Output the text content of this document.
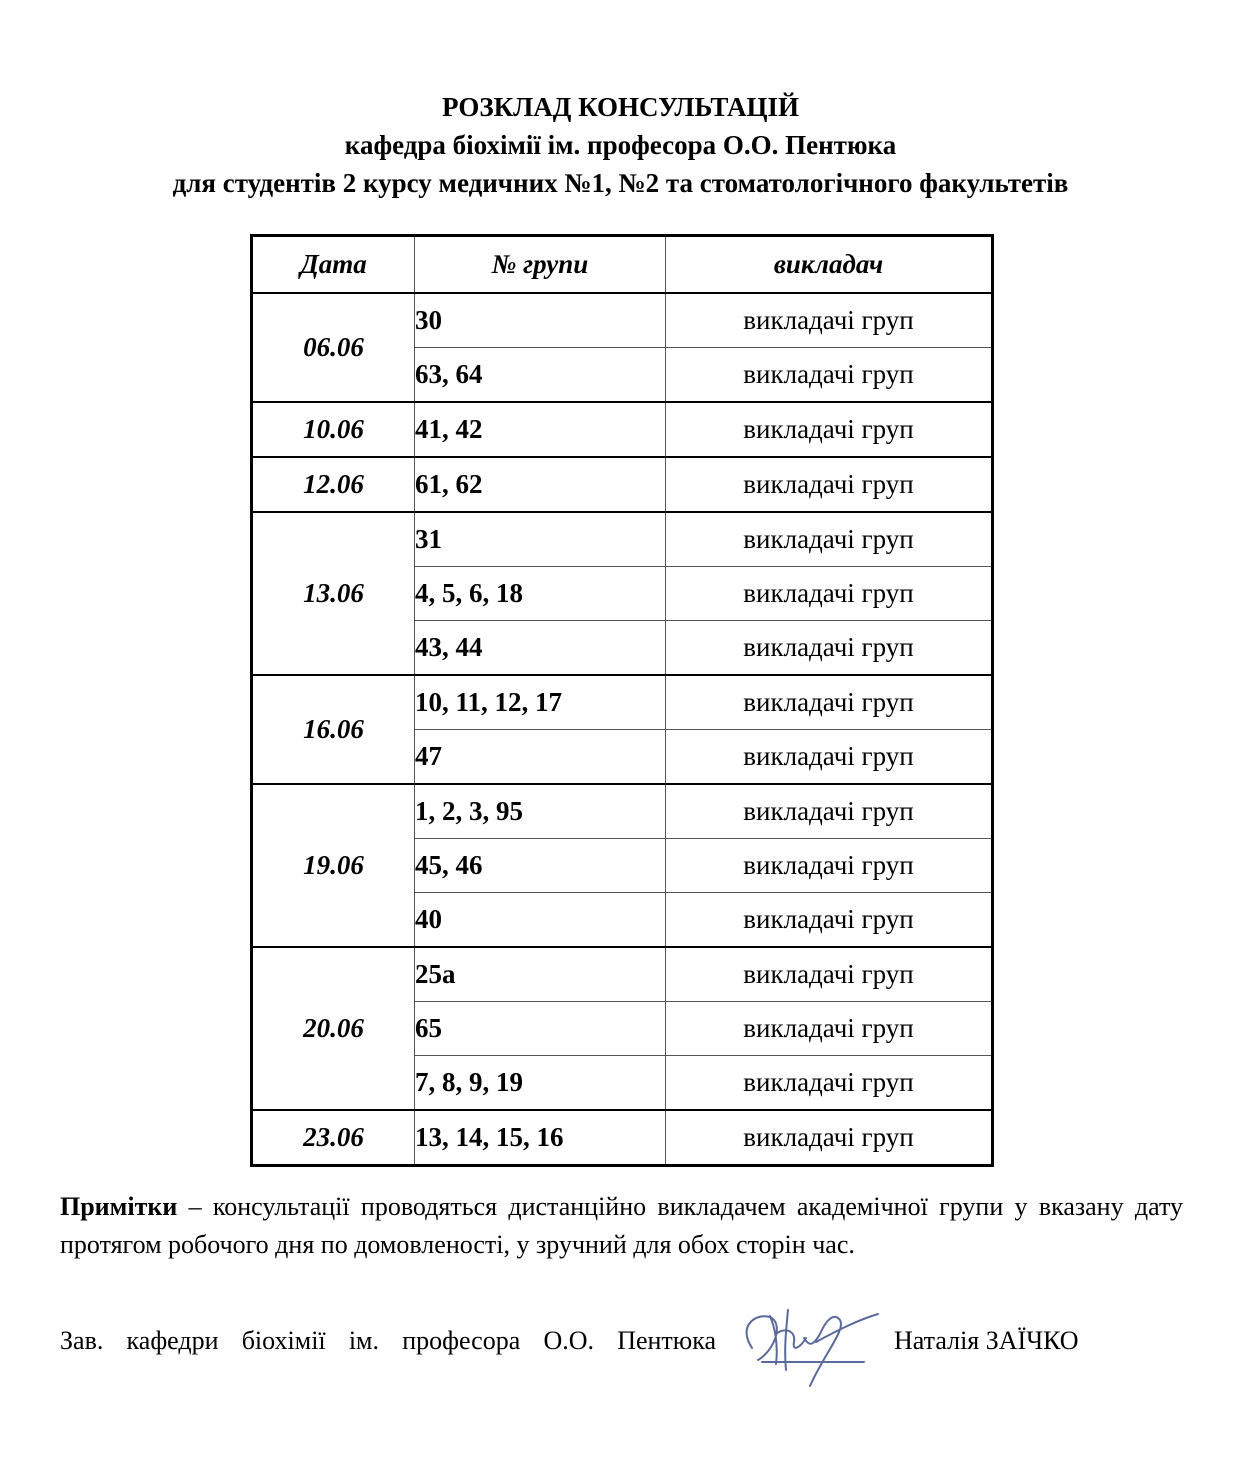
РОЗКЛАД КОНСУЛЬТАЦІЙ
кафедра біохімії ім. професора О.О. Пентюка
для студентів 2 курсу медичних №1, №2 та стоматологічного факультетів
Дата	№ групи	викладач
06.06	30	викладачі груп
	63, 64	викладачі груп
10.06	41, 42	викладачі груп
12.06	61, 62	викладачі груп
13.06	31	викладачі груп
	4, 5, 6, 18	викладачі груп
	43, 44	викладачі груп
16.06	10, 11, 12, 17	викладачі груп
	47	викладачі груп
19.06	1, 2, 3, 95	викладачі груп
	45, 46	викладачі груп
	40	викладачі груп
20.06	25а	викладачі груп
	65	викладачі груп
	7, 8, 9, 19	викладачі груп
23.06	13, 14, 15, 16	викладачі груп
Примітки – консультації проводяться дистанційно викладачем академічної групи у вказану дату протягом робочого дня по домовленості, у зручний для обох сторін час.
Зав. кафедри біохімії ім. професора О.О. Пентюка	Наталія ЗАЇЧКО
